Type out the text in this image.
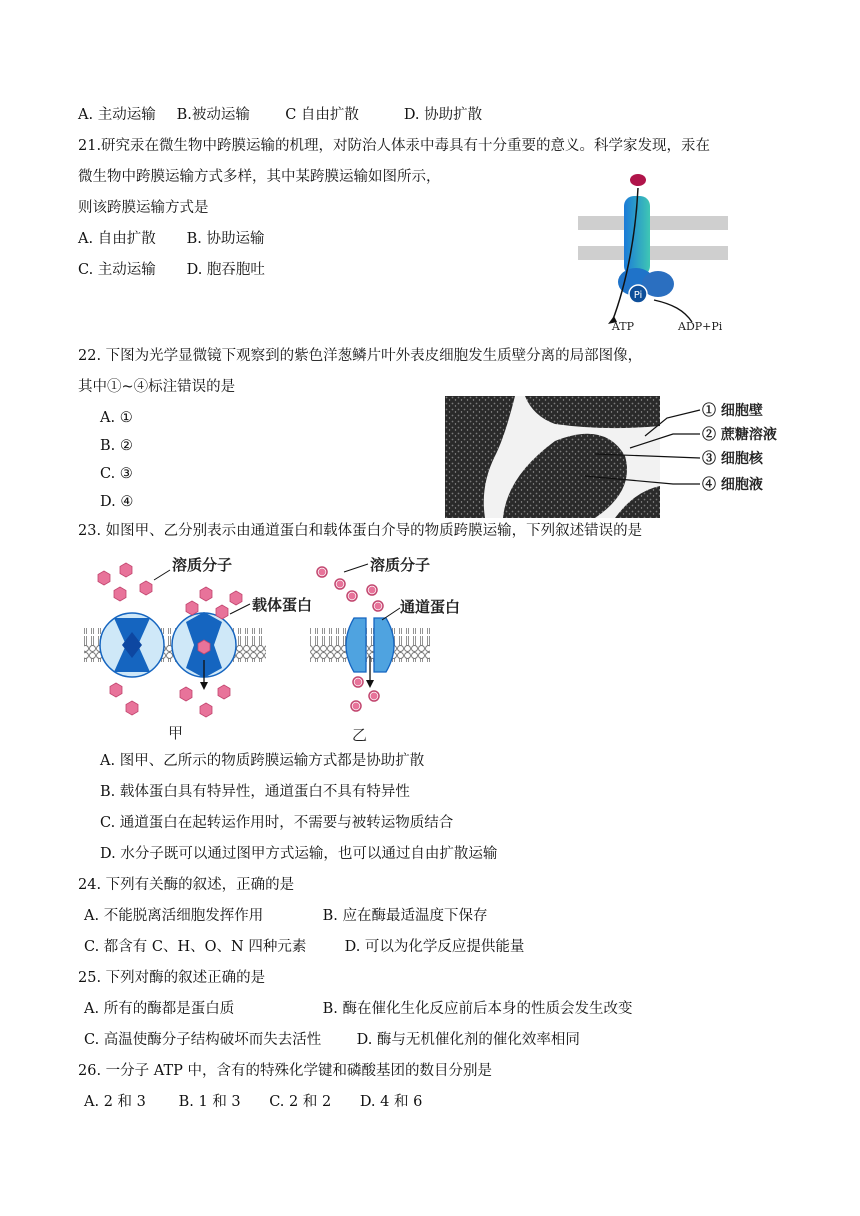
A. 主动运输 B.被动运输 C 自由扩散	D. 协助扩散
21.研究汞在微生物中跨膜运输的机理，对防治人体汞中毒具有十分重要的意义。科学家发现，汞在
微生物中跨膜运输方式多样，其中某跨膜运输如图所示，
则该跨膜运输方式是
A. 自由扩散 B. 协助运输
C. 主动运输 D. 胞吞胞吐
Pi
ATP	ADP+Pi
22. 下图为光学显微镜下观察到的紫色洋葱鳞片叶外表皮细胞发生质壁分离的局部图像，
其中①~④标注错误的是
A. ①
B. ②
C. ③
D. ④
① 细胞壁
② 蔗糖溶液
③ 细胞核
④ 细胞液
23. 如图甲、乙分别表示由通道蛋白和载体蛋白介导的物质跨膜运输，下列叙述错误的是
溶质分子
载体蛋白
甲
溶质分子
通道蛋白
乙
A. 图甲、乙所示的物质跨膜运输方式都是协助扩散
B. 载体蛋白具有特异性，通道蛋白不具有特异性
C. 通道蛋白在起转运作用时，不需要与被转运物质结合
D. 水分子既可以通过图甲方式运输，也可以通过自由扩散运输
24. 下列有关酶的叙述，正确的是
A. 不能脱离活细胞发挥作用	B. 应在酶最适温度下保存
C. 都含有 C、H、O、N 四种元素	D. 可以为化学反应提供能量
25. 下列对酶的叙述正确的是
A. 所有的酶都是蛋白质	B. 酶在催化生化反应前后本身的性质会发生改变
C. 高温使酶分子结构破坏而失去活性 D. 酶与无机催化剂的催化效率相同
26. 一分子 ATP 中，含有的特殊化学键和磷酸基团的数目分别是
A. 2 和 3 B. 1 和 3 C. 2 和 2 D. 4 和 6
